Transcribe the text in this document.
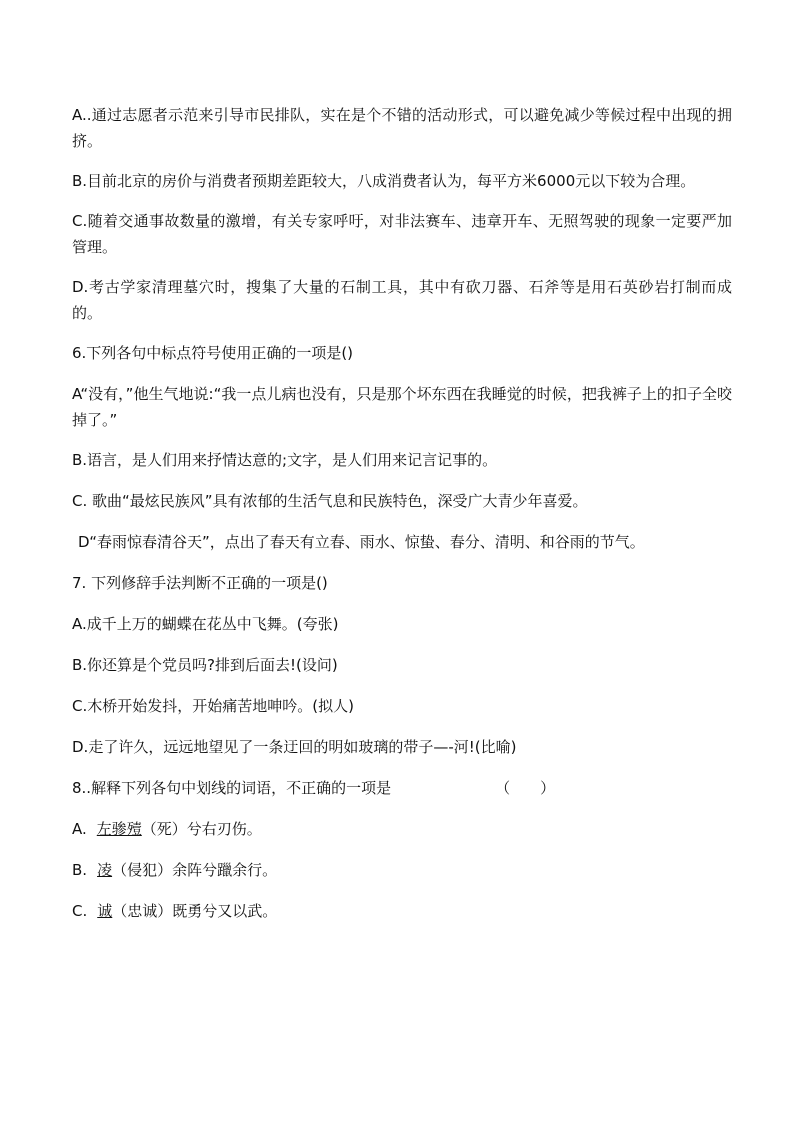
A..通过志愿者示范来引导市民排队，实在是个不错的活动形式，可以避免减少等候过程中出现的拥挤。

B.目前北京的房价与消费者预期差距较大，八成消费者认为，每平方米6000元以下较为合理。

C.随着交通事故数量的激增，有关专家呼吁，对非法赛车、违章开车、无照驾驶的现象一定要严加管理。

D.考古学家清理墓穴时，搜集了大量的石制工具，其中有砍刀器、石斧等是用石英砂岩打制而成的。

6.下列各句中标点符号使用正确的一项是()

A“没有，”他生气地说:“我一点儿病也没有，只是那个坏东西在我睡觉的时候，把我裤子上的扣子全咬掉了。”

B.语言，是人们用来抒情达意的;文字，是人们用来记言记事的。

C. 歌曲“最炫民族风”具有浓郁的生活气息和民族特色，深受广大青少年喜爱。

D“春雨惊春清谷天”，点出了春天有立春、雨水、惊蛰、春分、清明、和谷雨的节气。

7. 下列修辞手法判断不正确的一项是()

A.成千上万的蝴蝶在花丛中飞舞。(夸张)

B.你还算是个党员吗?排到后面去!(设问)

C.木桥开始发抖，开始痛苦地呻吟。(拟人)

D.走了许久，远远地望见了一条迂回的明如玻璃的带子—-河!(比喻)

8..解释下列各句中划线的词语，不正确的一项是	（ ）

A. 左骖殪（死）兮右刃伤。

B. 凌（侵犯）余阵兮躐余行。

C. 诚（忠诚）既勇兮又以武。
